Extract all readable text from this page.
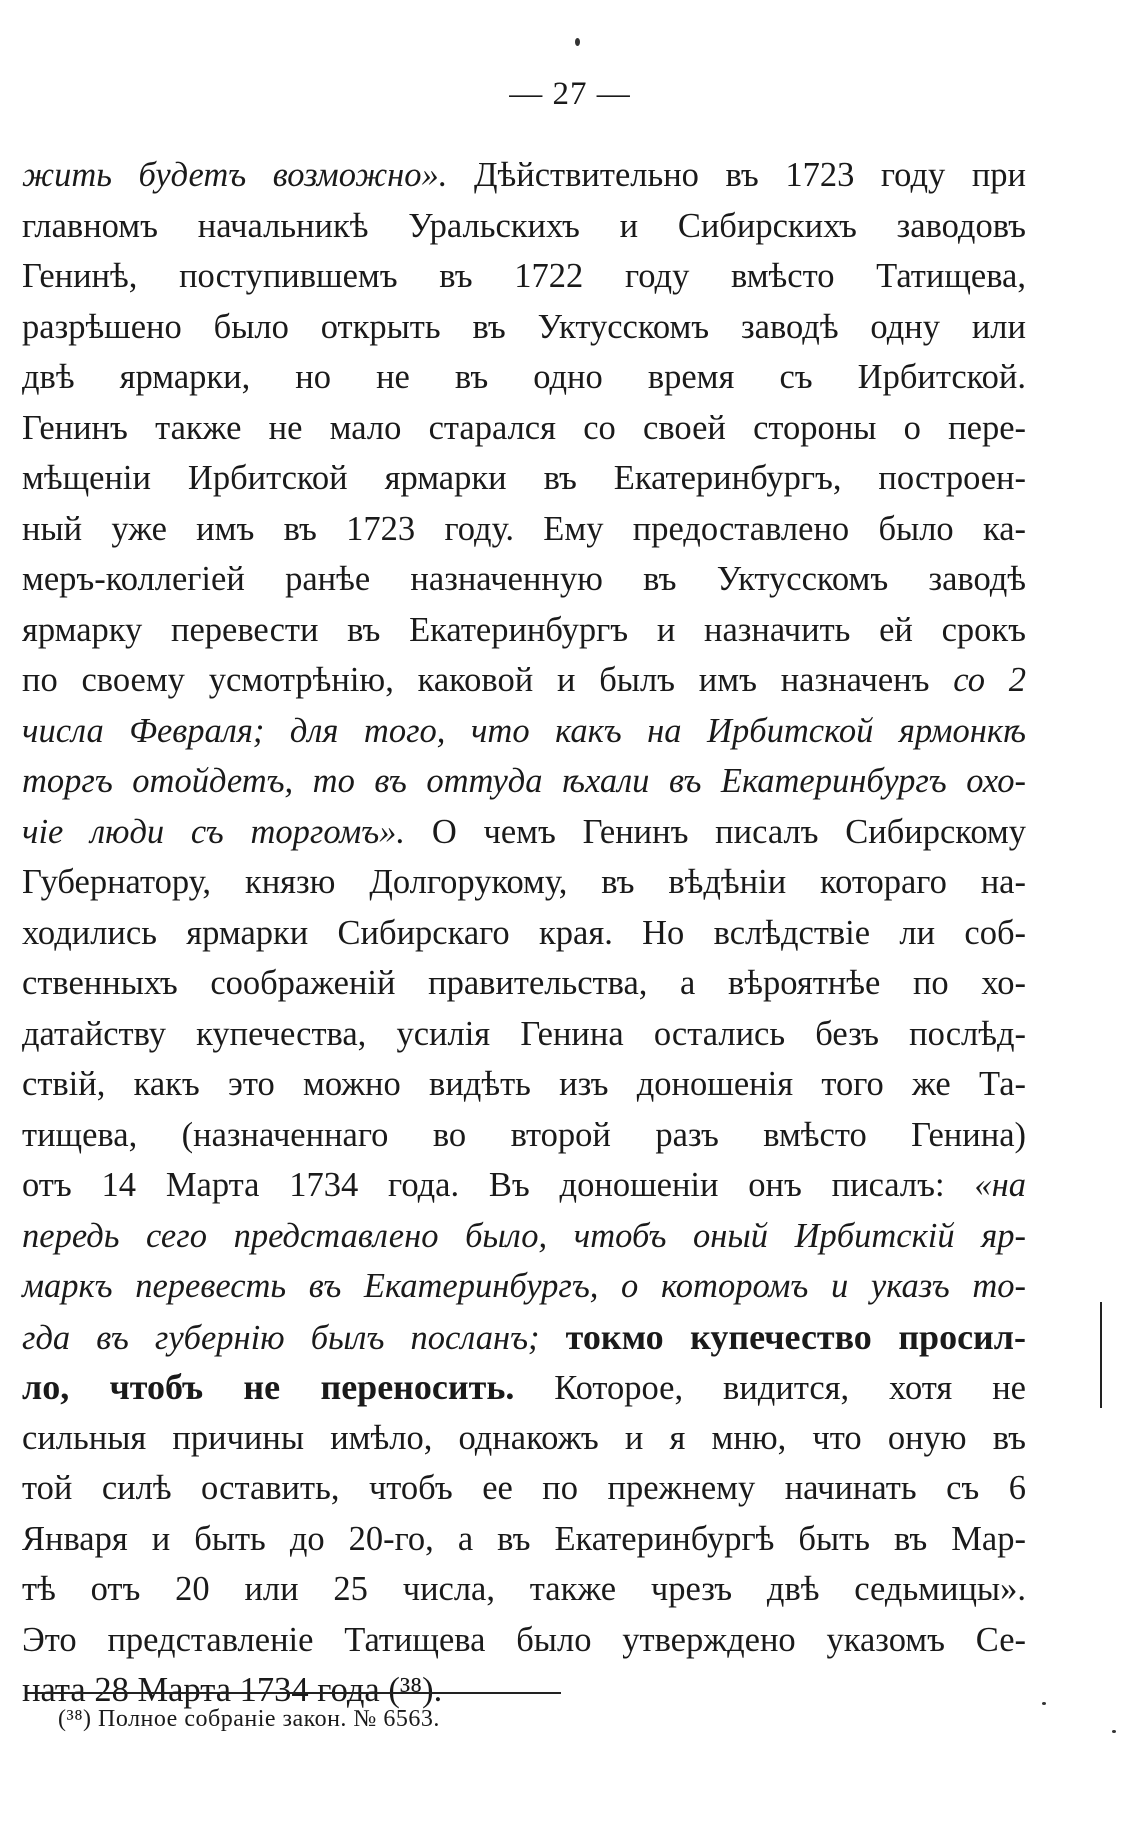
— 27 —
жить будетъ возможно». Дѣйствительно въ 1723 году при
главномъ начальникѣ Уральскихъ и Сибирскихъ заводовъ
Генинѣ, поступившемъ въ 1722 году вмѣсто Татищева,
разрѣшено было открыть въ Уктусскомъ заводѣ одну или
двѣ ярмарки, но не въ одно время съ Ирбитской.
Генинъ также не мало старался со своей стороны о пере-
мѣщеніи Ирбитской ярмарки въ Екатеринбургъ, построен-
ный уже имъ въ 1723 году. Ему предоставлено было ка-
меръ-коллегіей ранѣе назначенную въ Уктусскомъ заводѣ
ярмарку перевести въ Екатеринбургъ и назначить ей срокъ
по своему усмотрѣнію, каковой и былъ имъ назначенъ со 2
числа Февраля; для того, что какъ на Ирбитской ярмонкѣ
торгъ отойдетъ, то въ оттуда ѣхали въ Екатеринбургъ охо-
чіе люди съ торгомъ». О чемъ Генинъ писалъ Сибирскому
Губернатору, князю Долгорукому, въ вѣдѣніи котораго на-
ходились ярмарки Сибирскаго края. Но вслѣдствіе ли соб-
ственныхъ соображеній правительства, а вѣроятнѣе по хо-
датайству купечества, усилія Генина остались безъ послѣд-
ствій, какъ это можно видѣть изъ доношенія того же Та-
тищева, (назначеннаго во второй разъ вмѣсто Генина)
отъ 14 Марта 1734 года. Въ доношеніи онъ писалъ: «на
передь сего представлено было, чтобъ оный Ирбитскій яр-
маркъ перевесть въ Екатеринбургъ, о которомъ и указъ то-
гда въ губернію былъ посланъ; токмо купечество просил-
ло, чтобъ не переносить. Которое, видится, хотя не
сильныя причины имѣло, однакожъ и я мню, что оную въ
той силѣ оставить, чтобъ ее по прежнему начинать съ 6
Января и быть до 20-го, а въ Екатеринбургѣ быть въ Мар-
тѣ отъ 20 или 25 числа, также чрезъ двѣ седьмицы».
Это представленіе Татищева было утверждено указомъ Се-
ната 28 Марта 1734 года (³⁸).
(³⁸) Полное собраніе закон. № 6563.
